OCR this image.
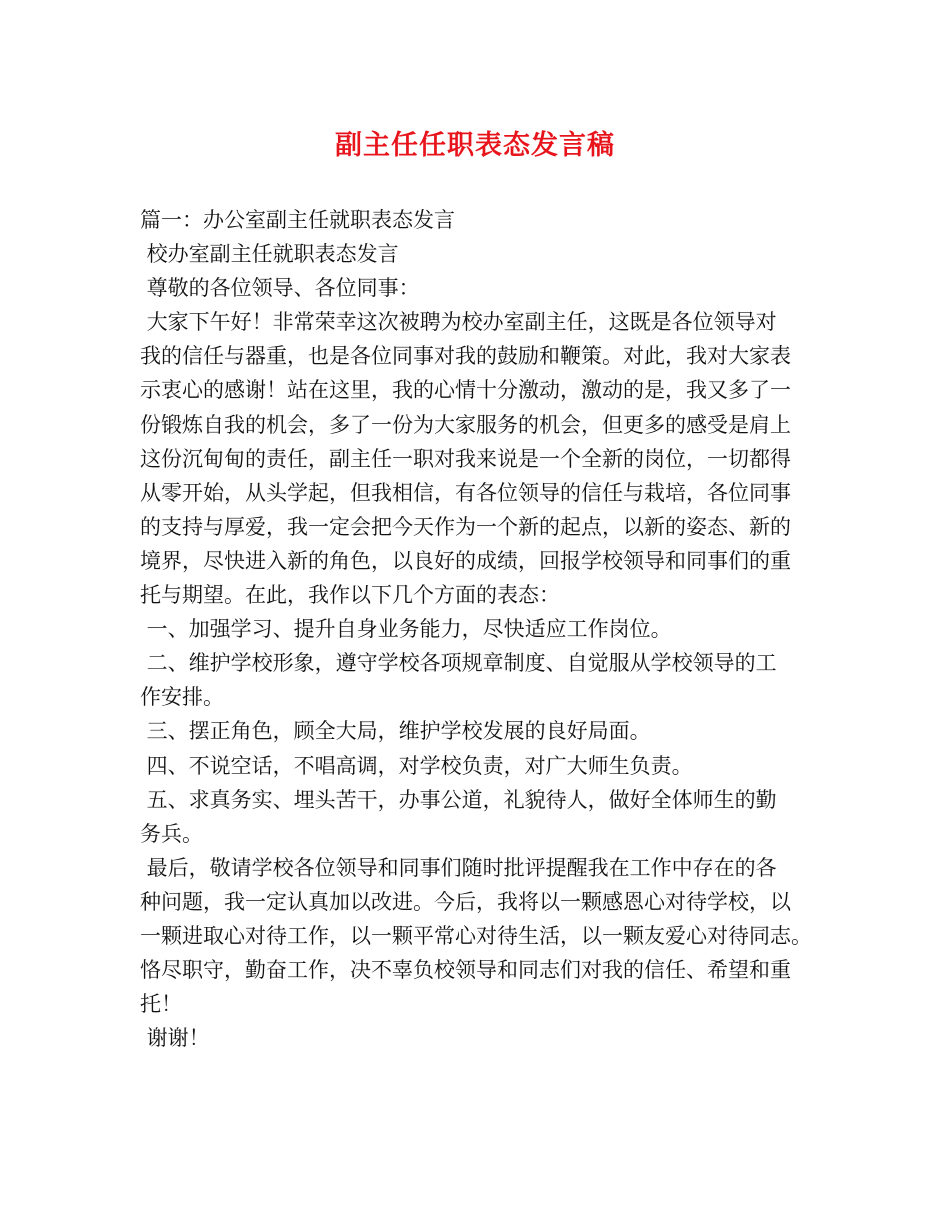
副主任任职表态发言稿
篇一：办公室副主任就职表态发言
校办室副主任就职表态发言
尊敬的各位领导、各位同事：
大家下午好！非常荣幸这次被聘为校办室副主任，这既是各位领导对
我的信任与器重，也是各位同事对我的鼓励和鞭策。对此，我对大家表
示衷心的感谢！站在这里，我的心情十分激动，激动的是，我又多了一
份锻炼自我的机会，多了一份为大家服务的机会，但更多的感受是肩上
这份沉甸甸的责任，副主任一职对我来说是一个全新的岗位，一切都得
从零开始，从头学起，但我相信，有各位领导的信任与栽培，各位同事
的支持与厚爱，我一定会把今天作为一个新的起点，以新的姿态、新的
境界，尽快进入新的角色，以良好的成绩，回报学校领导和同事们的重
托与期望。在此，我作以下几个方面的表态：
一、加强学习、提升自身业务能力，尽快适应工作岗位。
二、维护学校形象，遵守学校各项规章制度、自觉服从学校领导的工
作安排。
三、摆正角色，顾全大局，维护学校发展的良好局面。
四、不说空话，不唱高调，对学校负责，对广大师生负责。
五、求真务实、埋头苦干，办事公道，礼貌待人，做好全体师生的勤
务兵。
最后，敬请学校各位领导和同事们随时批评提醒我在工作中存在的各
种问题，我一定认真加以改进。今后，我将以一颗感恩心对待学校，以
一颗进取心对待工作，以一颗平常心对待生活，以一颗友爱心对待同志。
恪尽职守，勤奋工作，决不辜负校领导和同志们对我的信任、希望和重
托！
谢谢！
